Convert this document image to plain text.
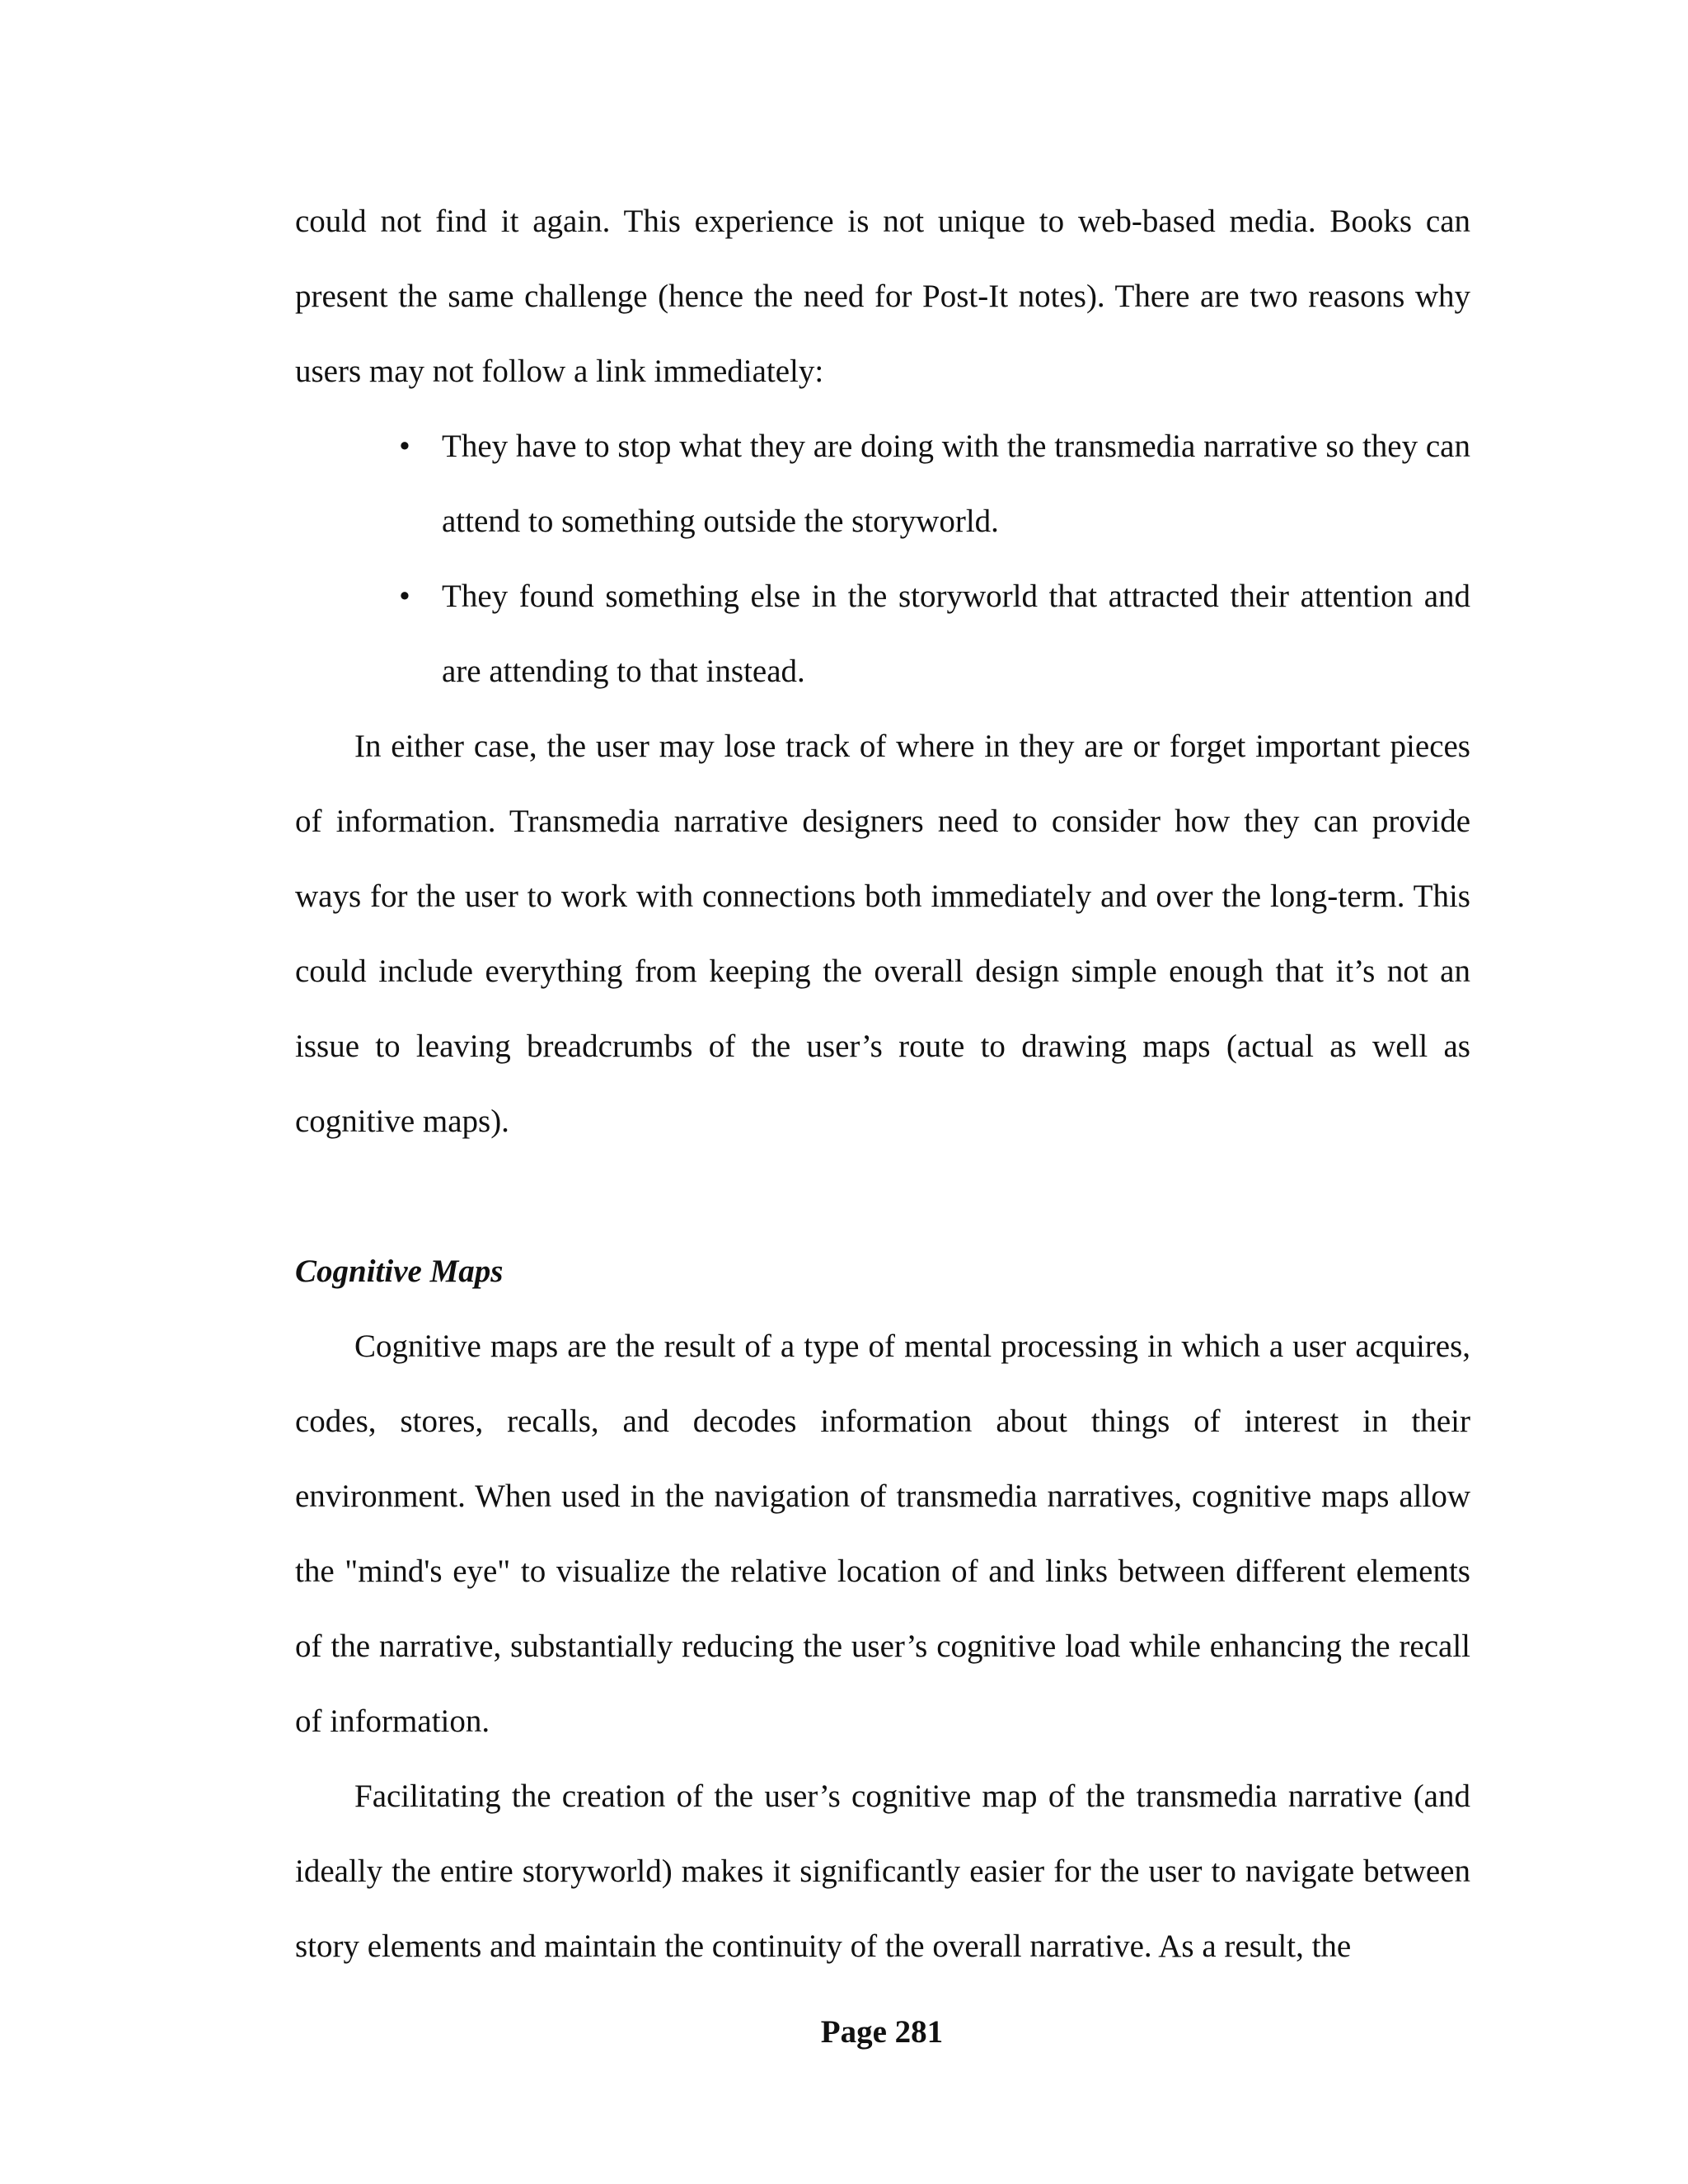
could not find it again. This experience is not unique to web-based media. Books can present the same challenge (hence the need for Post-It notes). There are two reasons why users may not follow a link immediately:

• They have to stop what they are doing with the transmedia narrative so they can attend to something outside the storyworld.
• They found something else in the storyworld that attracted their attention and are attending to that instead.

In either case, the user may lose track of where in they are or forget important pieces of information. Transmedia narrative designers need to consider how they can provide ways for the user to work with connections both immediately and over the long-term. This could include everything from keeping the overall design simple enough that it’s not an issue to leaving breadcrumbs of the user’s route to drawing maps (actual as well as cognitive maps).

Cognitive Maps

Cognitive maps are the result of a type of mental processing in which a user acquires, codes, stores, recalls, and decodes information about things of interest in their environment. When used in the navigation of transmedia narratives, cognitive maps allow the "mind's eye" to visualize the relative location of and links between different elements of the narrative, substantially reducing the user’s cognitive load while enhancing the recall of information.

Facilitating the creation of the user’s cognitive map of the transmedia narrative (and ideally the entire storyworld) makes it significantly easier for the user to navigate between story elements and maintain the continuity of the overall narrative. As a result, the

Page 281
